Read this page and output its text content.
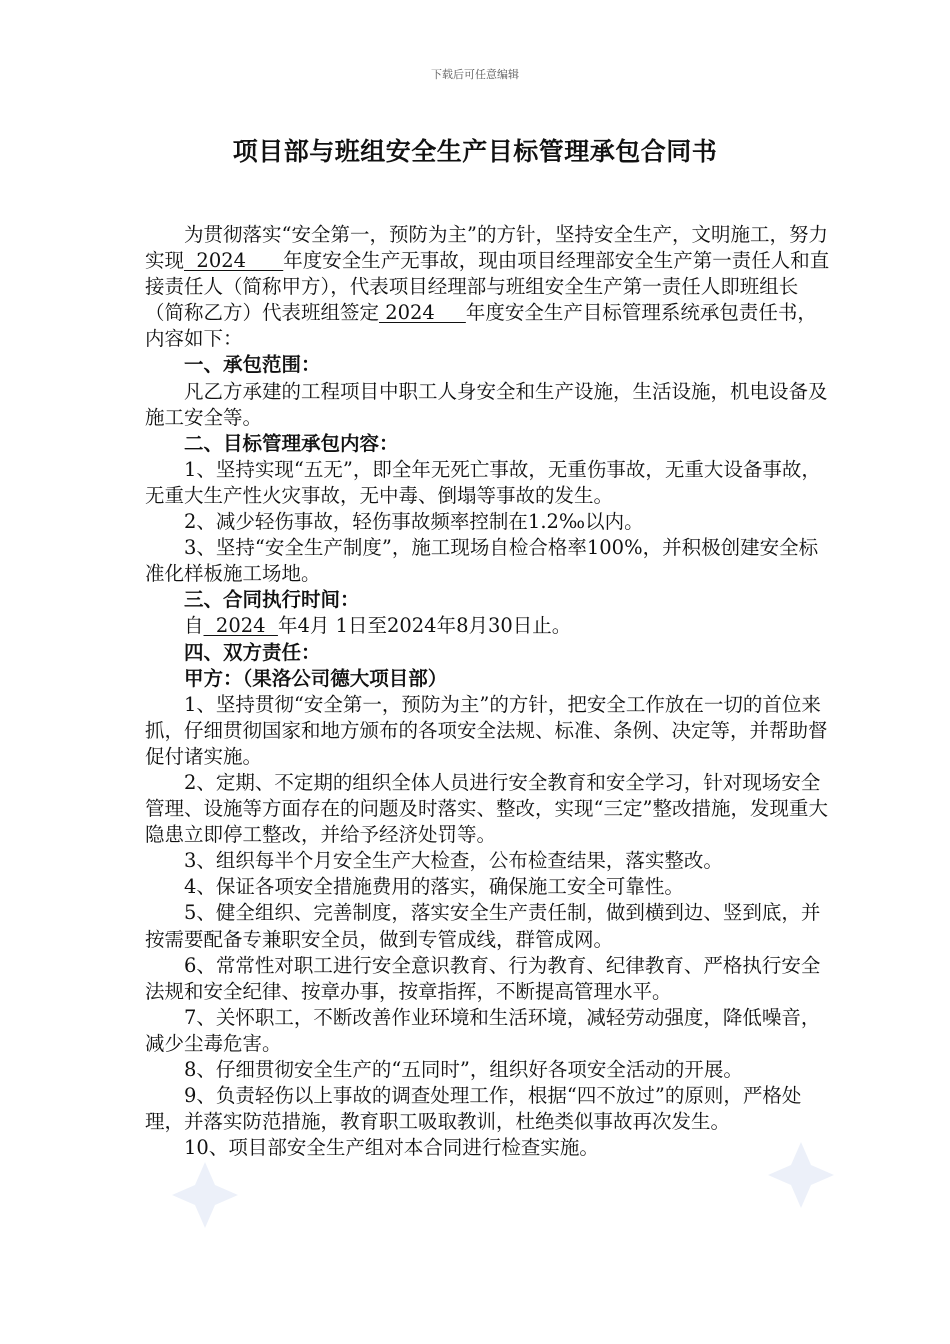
下载后可任意编辑
项目部与班组安全生产目标管理承包合同书

为贯彻落实“安全第一，预防为主”的方针，坚持安全生产，文明施工，努力实现  2024      年度安全生产无事故，现由项目经理部安全生产第一责任人和直接责任人（简称甲方），代表项目经理部与班组安全生产第一责任人即班组长（简称乙方）代表班组签定 2024     年度安全生产目标管理系统承包责任书，内容如下：

一、承包范围：

凡乙方承建的工程项目中职工人身安全和生产设施，生活设施，机电设备及施工安全等。

二、目标管理承包内容：

1、坚持实现“五无”，即全年无死亡事故，无重伤事故，无重大设备事故，无重大生产性火灾事故，无中毒、倒塌等事故的发生。

2、减少轻伤事故，轻伤事故频率控制在1.2‰以内。

3、坚持“安全生产制度”，施工现场自检合格率100%，并积极创建安全标准化样板施工场地。

三、合同执行时间：

自  2024  年4月 1日至2024年8月30日止。

四、双方责任：

甲方：（果洛公司德大项目部）

1、坚持贯彻“安全第一，预防为主”的方针，把安全工作放在一切的首位来抓，仔细贯彻国家和地方颁布的各项安全法规、标准、条例、决定等，并帮助督促付诸实施。

2、定期、不定期的组织全体人员进行安全教育和安全学习，针对现场安全管理、设施等方面存在的问题及时落实、整改，实现“三定”整改措施，发现重大隐患立即停工整改，并给予经济处罚等。

3、组织每半个月安全生产大检查，公布检查结果，落实整改。

4、保证各项安全措施费用的落实，确保施工安全可靠性。

5、健全组织、完善制度，落实安全生产责任制，做到横到边、竖到底，并按需要配备专兼职安全员，做到专管成线，群管成网。

6、常常性对职工进行安全意识教育、行为教育、纪律教育、严格执行安全法规和安全纪律、按章办事，按章指挥，不断提高管理水平。

7、关怀职工，不断改善作业环境和生活环境，减轻劳动强度，降低噪音，减少尘毒危害。

8、仔细贯彻安全生产的“五同时”，组织好各项安全活动的开展。

9、负责轻伤以上事故的调查处理工作，根据“四不放过”的原则，严格处理，并落实防范措施，教育职工吸取教训，杜绝类似事故再次发生。

10、项目部安全生产组对本合同进行检查实施。
